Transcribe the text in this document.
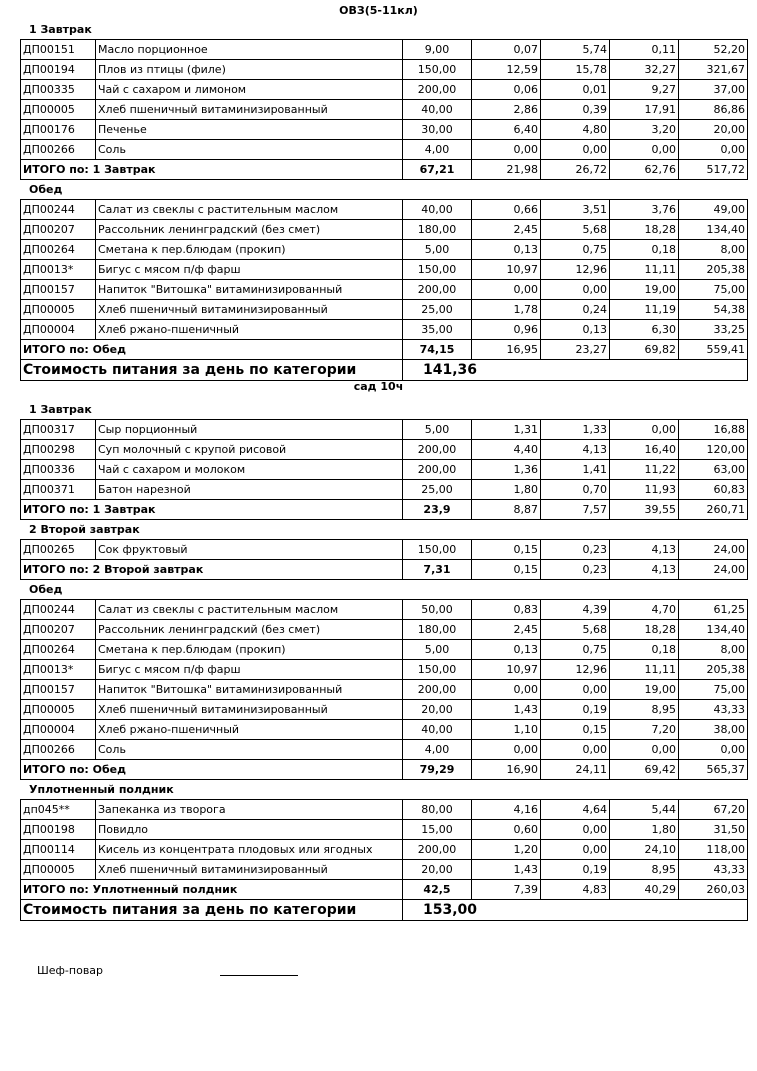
ОВЗ(5-11кл)
1 Завтрак
ДП00151	Масло порционное	9,00	0,07	5,74	0,11	52,20
ДП00194	Плов из птицы (филе)	150,00	12,59	15,78	32,27	321,67
ДП00335	Чай с сахаром и лимоном	200,00	0,06	0,01	9,27	37,00
ДП00005	Хлеб пшеничный витаминизированный	40,00	2,86	0,39	17,91	86,86
ДП00176	Печенье	30,00	6,40	4,80	3,20	20,00
ДП00266	Соль	4,00	0,00	0,00	0,00	0,00
ИТОГО по: 1 Завтрак		67,21	21,98	26,72	62,76	517,72
Обед
ДП00244	Салат из свеклы с растительным маслом	40,00	0,66	3,51	3,76	49,00
ДП00207	Рассольник ленинградский (без смет)	180,00	2,45	5,68	18,28	134,40
ДП00264	Сметана к пер.блюдам (прокип)	5,00	0,13	0,75	0,18	8,00
ДП0013*	Бигус с мясом п/ф фарш	150,00	10,97	12,96	11,11	205,38
ДП00157	Напиток "Витошка" витаминизированный	200,00	0,00	0,00	19,00	75,00
ДП00005	Хлеб пшеничный витаминизированный	25,00	1,78	0,24	11,19	54,38
ДП00004	Хлеб ржано-пшеничный	35,00	0,96	0,13	6,30	33,25
ИТОГО по: Обед		74,15	16,95	23,27	69,82	559,41
Стоимость питания за день по категории		141,36				
сад 10ч
1 Завтрак
ДП00317	Сыр порционный	5,00	1,31	1,33	0,00	16,88
ДП00298	Суп молочный с крупой рисовой	200,00	4,40	4,13	16,40	120,00
ДП00336	Чай с сахаром и молоком	200,00	1,36	1,41	11,22	63,00
ДП00371	Батон нарезной	25,00	1,80	0,70	11,93	60,83
ИТОГО по: 1 Завтрак		23,9	8,87	7,57	39,55	260,71
2 Второй завтрак
ДП00265	Сок фруктовый	150,00	0,15	0,23	4,13	24,00
ИТОГО по: 2 Второй завтрак		7,31	0,15	0,23	4,13	24,00
Обед
ДП00244	Салат из свеклы с растительным маслом	50,00	0,83	4,39	4,70	61,25
ДП00207	Рассольник ленинградский (без смет)	180,00	2,45	5,68	18,28	134,40
ДП00264	Сметана к пер.блюдам (прокип)	5,00	0,13	0,75	0,18	8,00
ДП0013*	Бигус с мясом п/ф фарш	150,00	10,97	12,96	11,11	205,38
ДП00157	Напиток "Витошка" витаминизированный	200,00	0,00	0,00	19,00	75,00
ДП00005	Хлеб пшеничный витаминизированный	20,00	1,43	0,19	8,95	43,33
ДП00004	Хлеб ржано-пшеничный	40,00	1,10	0,15	7,20	38,00
ДП00266	Соль	4,00	0,00	0,00	0,00	0,00
ИТОГО по: Обед		79,29	16,90	24,11	69,42	565,37
Уплотненный полдник
дп045**	Запеканка из творога	80,00	4,16	4,64	5,44	67,20
ДП00198	Повидло	15,00	0,60	0,00	1,80	31,50
ДП00114	Кисель из концентрата плодовых или ягодных	200,00	1,20	0,00	24,10	118,00
ДП00005	Хлеб пшеничный витаминизированный	20,00	1,43	0,19	8,95	43,33
ИТОГО по: Уплотненный полдник		42,5	7,39	4,83	40,29	260,03
Стоимость питания за день по категории		153,00				
Шеф-повар
